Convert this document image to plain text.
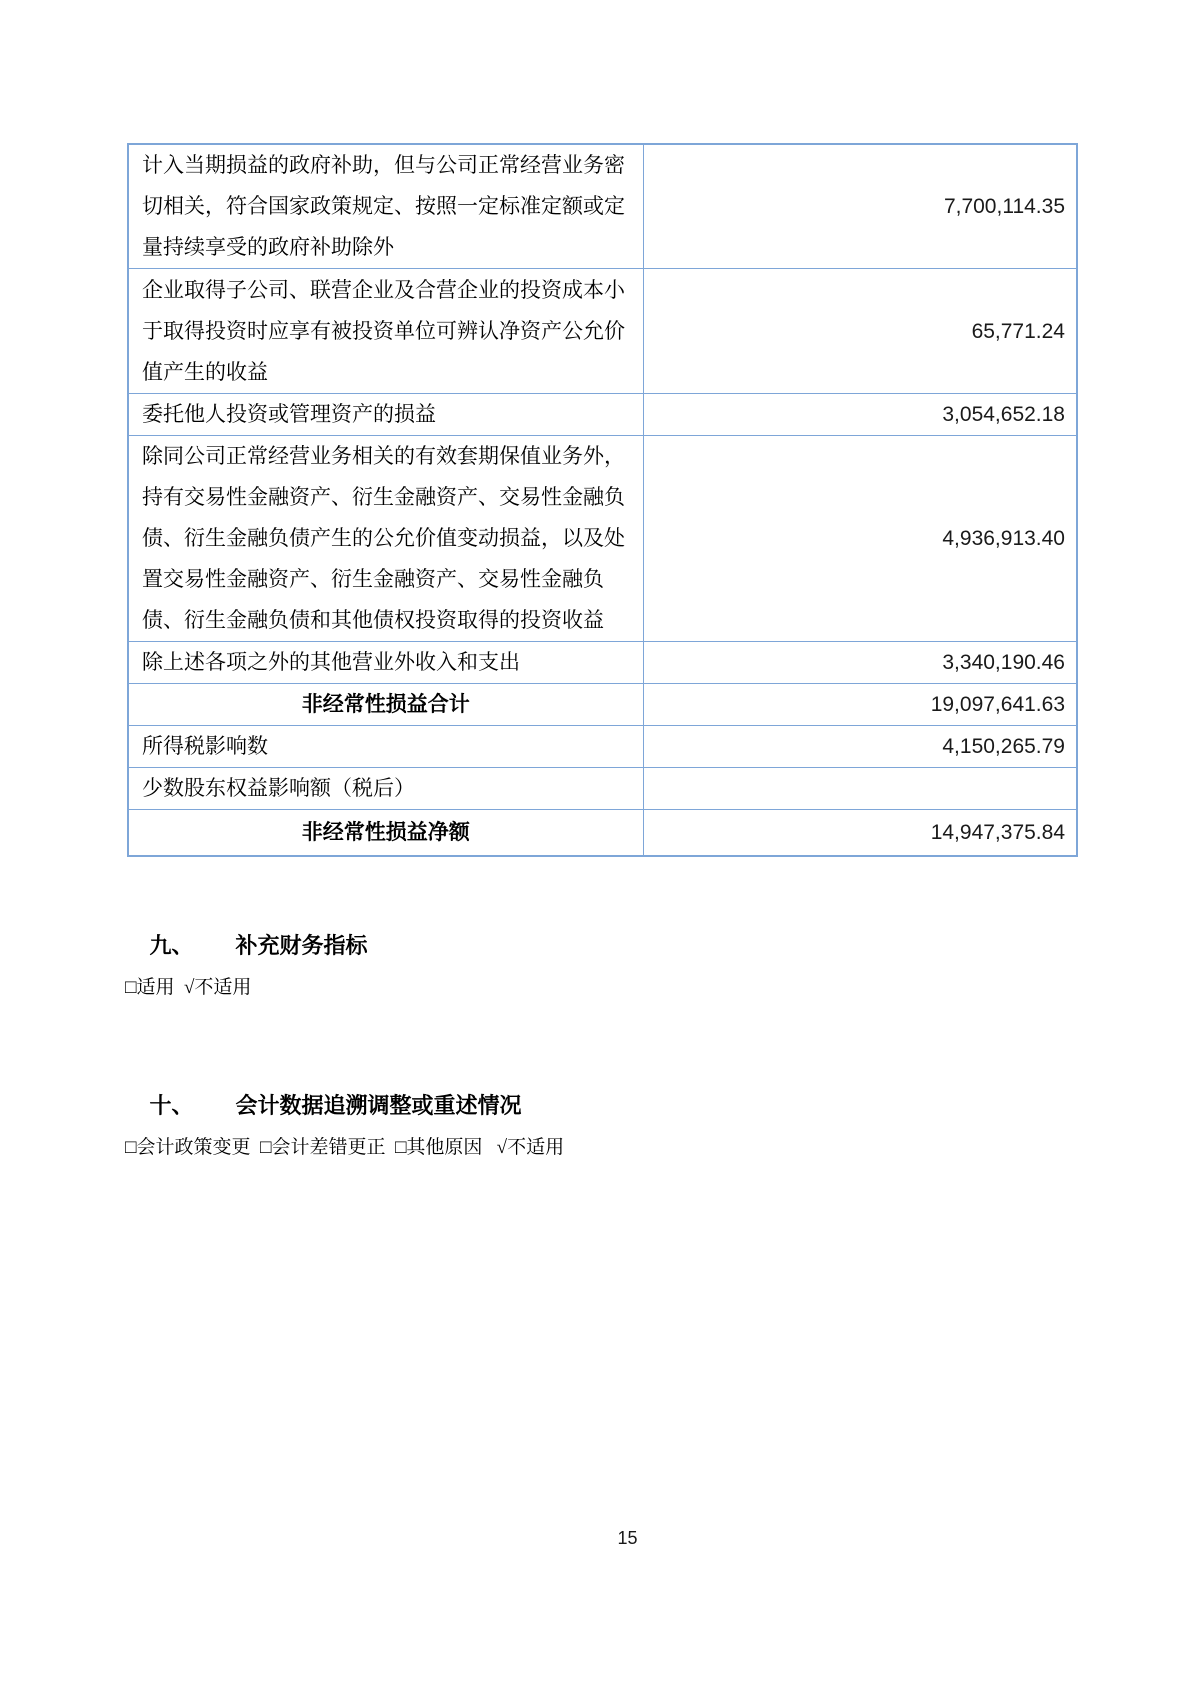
计入当期损益的政府补助，但与公司正常经营业务密切相关，符合国家政策规定、按照一定标准定额或定量持续享受的政府补助除外	7,700,114.35
企业取得子公司、联营企业及合营企业的投资成本小于取得投资时应享有被投资单位可辨认净资产公允价值产生的收益	65,771.24
委托他人投资或管理资产的损益	3,054,652.18
除同公司正常经营业务相关的有效套期保值业务外，持有交易性金融资产、衍生金融资产、交易性金融负债、衍生金融负债产生的公允价值变动损益，以及处置交易性金融资产、衍生金融资产、交易性金融负债、衍生金融负债和其他债权投资取得的投资收益	4,936,913.40
除上述各项之外的其他营业外收入和支出	3,340,190.46
非经常性损益合计	19,097,641.63
所得税影响数	4,150,265.79
少数股东权益影响额（税后）	
非经常性损益净额	14,947,375.84

九、 补充财务指标

□适用  √不适用

十、 会计数据追溯调整或重述情况

□会计政策变更  □会计差错更正  □其他原因   √不适用
15
